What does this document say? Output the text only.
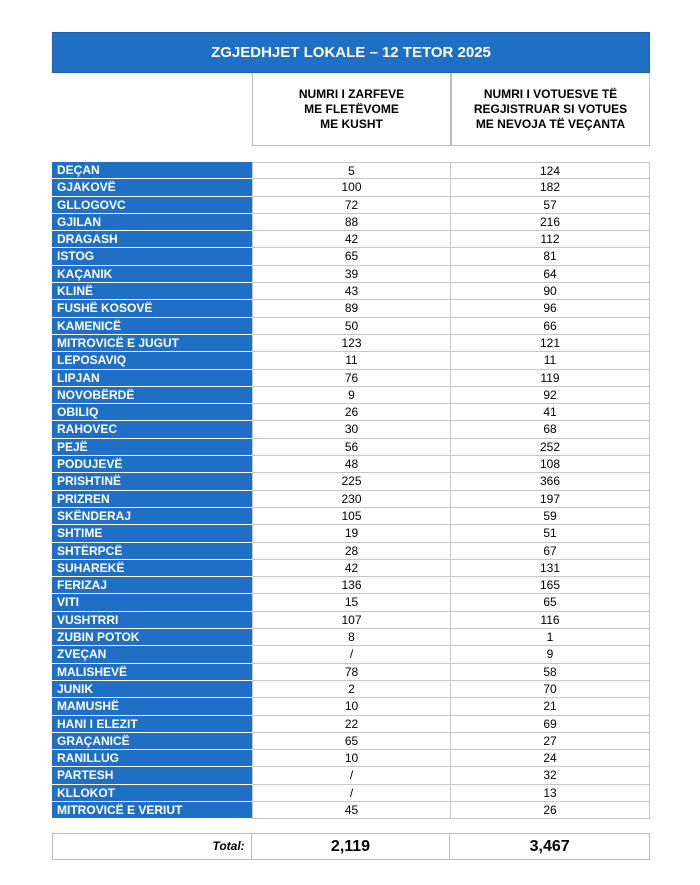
ZGJEDHJET LOKALE – 12 TETOR 2025
NUMRI I ZARFEVE
ME FLETËVOME
ME KUSHT
NUMRI I VOTUESVE TË
REGJISTRUAR SI VOTUES
ME NEVOJA TË VEÇANTA
DEÇAN	5	124
GJAKOVË	100	182
GLLOGOVC	72	57
GJILAN	88	216
DRAGASH	42	112
ISTOG	65	81
KAÇANIK	39	64
KLINË	43	90
FUSHË KOSOVË	89	96
KAMENICË	50	66
MITROVICË E JUGUT	123	121
LEPOSAVIQ	11	11
LIPJAN	76	119
NOVOBËRDË	9	92
OBILIQ	26	41
RAHOVEC	30	68
PEJË	56	252
PODUJEVË	48	108
PRISHTINË	225	366
PRIZREN	230	197
SKËNDERAJ	105	59
SHTIME	19	51
SHTËRPCË	28	67
SUHAREKË	42	131
FERIZAJ	136	165
VITI	15	65
VUSHTRRI	107	116
ZUBIN POTOK	8	1
ZVEÇAN	/	9
MALISHEVË	78	58
JUNIK	2	70
MAMUSHË	10	21
HANI I ELEZIT	22	69
GRAÇANICË	65	27
RANILLUG	10	24
PARTESH	/	32
KLLOKOT	/	13
MITROVICË E VERIUT	45	26
Total:	2,119	3,467
